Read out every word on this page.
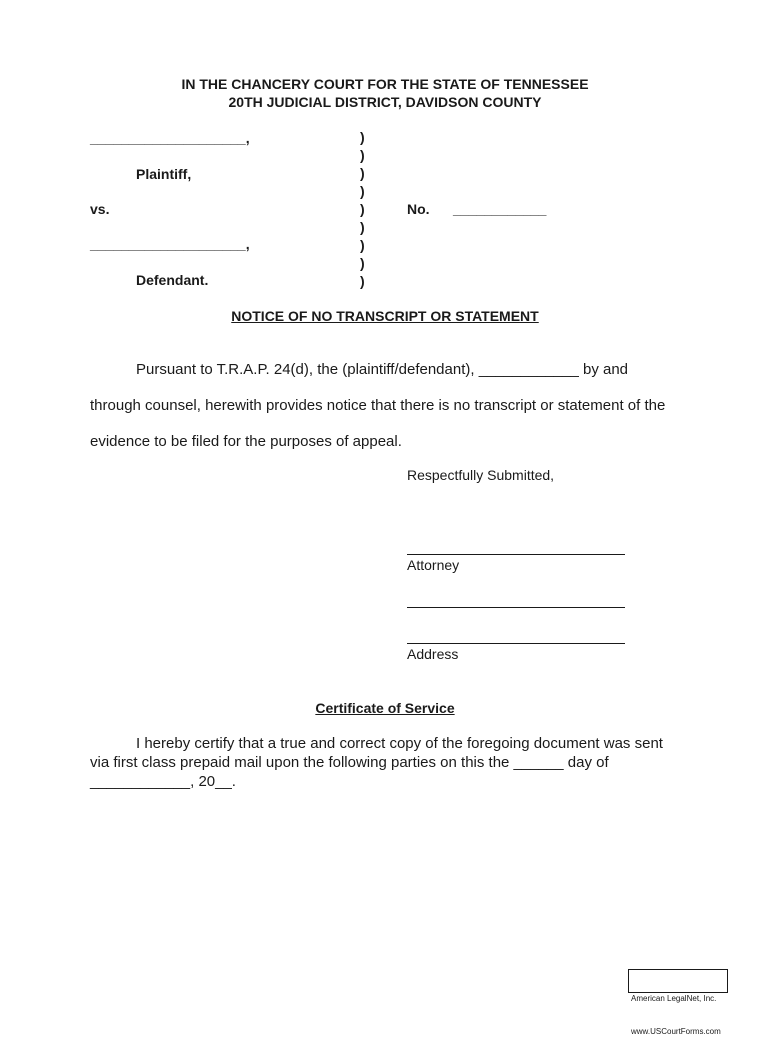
IN THE CHANCERY COURT FOR THE STATE OF TENNESSEE
20TH JUDICIAL DISTRICT, DAVIDSON COUNTY
____________________,
Plaintiff,
vs.
____________________,
Defendant.
)
)
)
)
)
)
)
)
)
No. ____________
NOTICE OF NO TRANSCRIPT OR STATEMENT
Pursuant to T.R.A.P. 24(d), the (plaintiff/defendant), ____________ by and
through counsel, herewith provides notice that there is no transcript or statement of the
evidence to be filed for the purposes of appeal.
Respectfully Submitted,
Attorney
Address
Certificate of Service
I hereby certify that a true and correct copy of the foregoing document was sent
via first class prepaid mail upon the following parties on this the ______ day of
____________, 20__.

American LegalNet, Inc.

www.USCourtForms.com
